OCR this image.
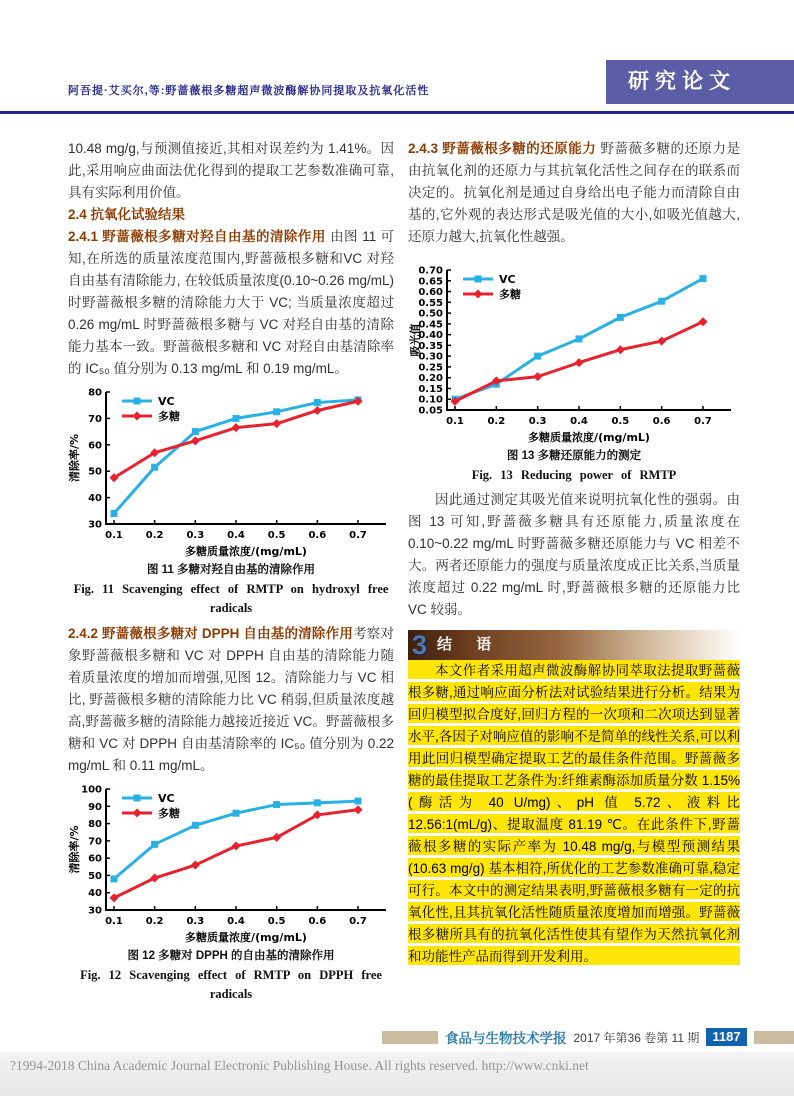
阿吾提·艾买尔,等:野蔷薇根多糖超声微波酶解协同提取及抗氧化活性	研究论文

10.48 mg/g,与预测值接近,其相对误差约为 1.41%。因此,采用响应曲面法优化得到的提取工艺参数准确可靠,具有实际利用价值。

2.4 抗氧化试验结果

2.4.1 野蔷薇根多糖对羟自由基的清除作用 由图 11 可知,在所选的质量浓度范围内,野蔷薇根多糖和VC 对羟自由基有清除能力, 在较低质量浓度(0.10~0.26 mg/mL) 时野蔷薇根多糖的清除能力大于 VC; 当质量浓度超过 0.26 mg/mL 时野蔷薇根多糖与 VC 对羟自由基的清除能力基本一致。野蔷薇根多糖和 VC 对羟自由基清除率的 IC₅₀ 值分别为 0.13 mg/mL 和 0.19 mg/mL。

30
40
50
60
70
80
0.1 0.2 0.3 0.4 0.5 0.6 0.7
VC
多糖
多糖质量浓度/(mg/mL)
清除率/%
图 11 多糖对羟自由基的清除作用
Fig. 11 Scavenging effect of RMTP on hydroxyl free radicals

2.4.2 野蔷薇根多糖对 DPPH 自由基的清除作用考察对象野蔷薇根多糖和 VC 对 DPPH 自由基的清除能力随着质量浓度的增加而增强,见图 12。清除能力与 VC 相比, 野蔷薇根多糖的清除能力比 VC 稍弱,但质量浓度越高,野蔷薇多糖的清除能力越接近接近 VC。野蔷薇根多糖和 VC 对 DPPH 自由基清除率的 IC₅₀ 值分别为 0.22 mg/mL 和 0.11 mg/mL。

30
40
50
60
70
80
90
100
0.1 0.2 0.3 0.4 0.5 0.6 0.7
VC
多糖
多糖质量浓度/(mg/mL)
清除率/%
图 12 多糖对 DPPH 的自由基的清除作用
Fig. 12 Scavenging effect of RMTP on DPPH free radicals

2.4.3 野蔷薇根多糖的还原能力 野蔷薇多糖的还原力是由抗氧化剂的还原力与其抗氧化活性之间存在的联系而决定的。抗氧化剂是通过自身给出电子能力而清除自由基的,它外观的表达形式是吸光值的大小,如吸光值越大,还原力越大,抗氧化性越强。

0.05
0.10
0.15
0.20
0.25
0.30
0.35
0.40
0.45
0.50
0.55
0.60
0.65
0.70
0.1 0.2 0.3 0.4 0.5 0.6 0.7
VC
多糖
多糖质量浓度/(mg/mL)
吸光值
图 13 多糖还原能力的测定
Fig. 13 Reducing power of RMTP

因此通过测定其吸光值来说明抗氧化性的强弱。由图 13 可知,野蔷薇多糖具有还原能力,质量浓度在 0.10~0.22 mg/mL 时野蔷薇多糖还原能力与 VC 相差不大。两者还原能力的强度与质量浓度成正比关系,当质量浓度超过 0.22 mg/mL 时,野蔷薇根多糖的还原能力比 VC 较弱。

3 结 语

本文作者采用超声微波酶解协同萃取法提取野蔷薇根多糖,通过响应面分析法对试验结果进行分析。结果为回归模型拟合度好,回归方程的一次项和二次项达到显著水平,各因子对响应值的影响不是简单的线性关系,可以利用此回归模型确定提取工艺的最佳条件范围。野蔷薇多糖的最佳提取工艺条件为:纤维素酶添加质量分数 1.15%(酶活为 40 U/mg)、pH 值 5.72、液料比 12.56:1(mL/g)、提取温度 81.19 ℃。在此条件下,野蔷薇根多糖的实际产率为 10.48 mg/g,与模型预测结果(10.63 mg/g) 基本相符,所优化的工艺参数准确可靠,稳定可行。本文中的测定结果表明,野蔷薇根多糖有一定的抗氧化性,且其抗氧化活性随质量浓度增加而增强。野蔷薇根多糖所具有的抗氧化活性使其有望作为天然抗氧化剂和功能性产品而得到开发利用。

食品与生物技术学报 2017 年第36 卷第 11 期	1187
?1994-2018 China Academic Journal Electronic Publishing House. All rights reserved. http://www.cnki.net
